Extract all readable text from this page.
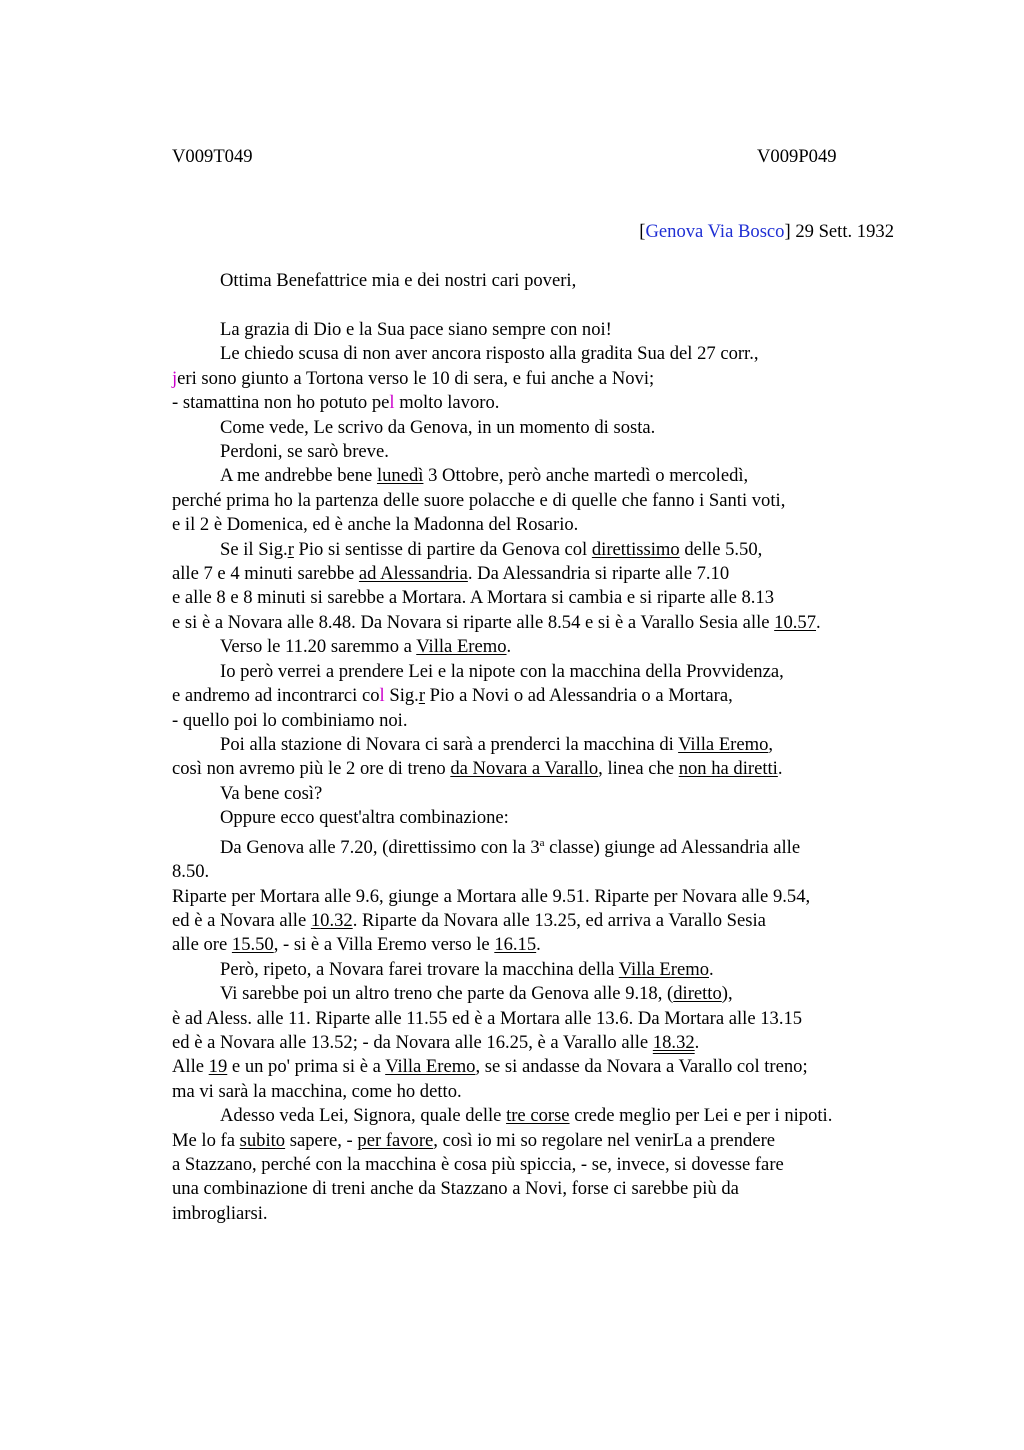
V009T049	V009P049
[Genova Via Bosco] 29 Sett. 1932
Ottima Benefattrice mia e dei nostri cari poveri,
La grazia di Dio e la Sua pace siano sempre con noi!
Le chiedo scusa di non aver ancora risposto alla gradita Sua del 27 corr.,
jeri sono giunto a Tortona verso le 10 di sera, e fui anche a Novi;
- stamattina non ho potuto pel molto lavoro.
Come vede, Le scrivo da Genova, in un momento di sosta.
Perdoni, se sarò breve.
A me andrebbe bene lunedì 3 Ottobre, però anche martedì o mercoledì,
perché prima ho la partenza delle suore polacche e di quelle che fanno i Santi voti,
e il 2 è Domenica, ed è anche la Madonna del Rosario.
Se il Sig.r Pio si sentisse di partire da Genova col direttissimo delle 5.50,
alle 7 e 4 minuti sarebbe ad Alessandria. Da Alessandria si riparte alle 7.10
e alle 8 e 8 minuti si sarebbe a Mortara. A Mortara si cambia e si riparte alle 8.13
e si è a Novara alle 8.48. Da Novara si riparte alle 8.54 e si è a Varallo Sesia alle 10.57.
Verso le 11.20 saremmo a Villa Eremo.
Io però verrei a prendere Lei e la nipote con la macchina della Provvidenza,
e andremo ad incontrarci col Sig.r Pio a Novi o ad Alessandria o a Mortara,
- quello poi lo combiniamo noi.
Poi alla stazione di Novara ci sarà a prenderci la macchina di Villa Eremo,
così non avremo più le 2 ore di treno da Novara a Varallo, linea che non ha diretti.
Va bene così?
Oppure ecco quest'altra combinazione:
Da Genova alle 7.20, (direttissimo con la 3$^a$ classe) giunge ad Alessandria alle
8.50.
Riparte per Mortara alle 9.6, giunge a Mortara alle 9.51. Riparte per Novara alle 9.54,
ed è a Novara alle 10.32. Riparte da Novara alle 13.25, ed arriva a Varallo Sesia
alle ore 15.50, - si è a Villa Eremo verso le 16.15.
Però, ripeto, a Novara farei trovare la macchina della Villa Eremo.
Vi sarebbe poi un altro treno che parte da Genova alle 9.18, (diretto),
è ad Aless. alle 11. Riparte alle 11.55 ed è a Mortara alle 13.6. Da Mortara alle 13.15
ed è a Novara alle 13.52; - da Novara alle 16.25, è a Varallo alle 18.32.
Alle 19 e un po' prima si è a Villa Eremo, se si andasse da Novara a Varallo col treno;
ma vi sarà la macchina, come ho detto.
Adesso veda Lei, Signora, quale delle tre corse crede meglio per Lei e per i nipoti.
Me lo fa subito sapere, - per favore, così io mi so regolare nel venirLa a prendere
a Stazzano, perché con la macchina è cosa più spiccia, - se, invece, si dovesse fare
una combinazione di treni anche da Stazzano a Novi, forse ci sarebbe più da
imbrogliarsi.
